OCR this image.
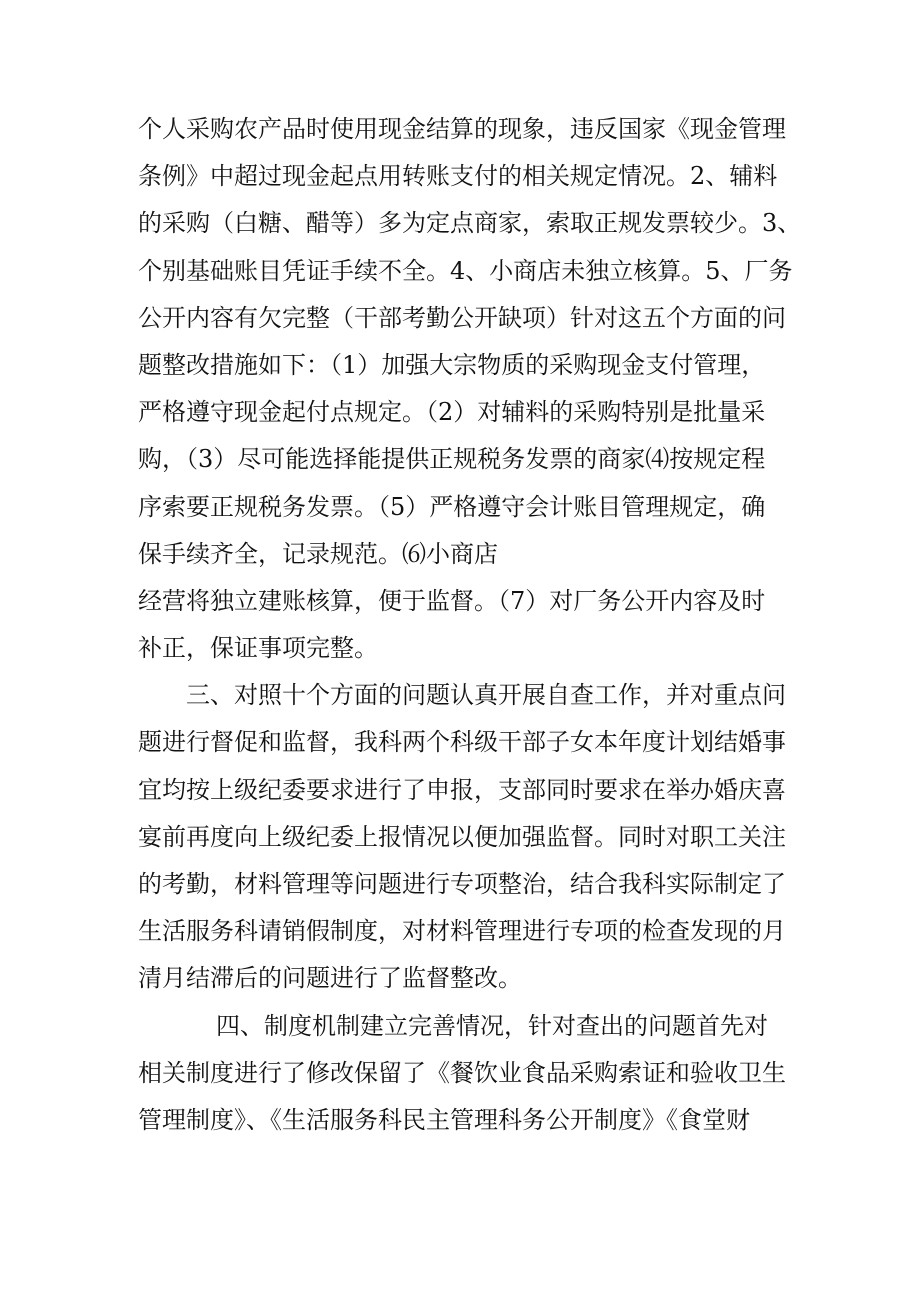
个人采购农产品时使用现金结算的现象，违反国家《现金管理
条例》中超过现金起点用转账支付的相关规定情况。2、辅料
的采购（白糖、醋等）多为定点商家，索取正规发票较少。3、
个别基础账目凭证手续不全。4、小商店未独立核算。5、厂务
公开内容有欠完整（干部考勤公开缺项）针对这五个方面的问
题整改措施如下：（1）加强大宗物质的采购现金支付管理，
严格遵守现金起付点规定。（2）对辅料的采购特别是批量采
购，（3）尽可能选择能提供正规税务发票的商家⑷按规定程
序索要正规税务发票。（5）严格遵守会计账目管理规定，确
保手续齐全，记录规范。⑹小商店
经营将独立建账核算，便于监督。（7）对厂务公开内容及时
补正，保证事项完整。
三、对照十个方面的问题认真开展自查工作，并对重点问
题进行督促和监督，我科两个科级干部子女本年度计划结婚事
宜均按上级纪委要求进行了申报，支部同时要求在举办婚庆喜
宴前再度向上级纪委上报情况以便加强监督。同时对职工关注
的考勤，材料管理等问题进行专项整治，结合我科实际制定了
生活服务科请销假制度，对材料管理进行专项的检查发现的月
清月结滞后的问题进行了监督整改。
四、制度机制建立完善情况，针对查出的问题首先对
相关制度进行了修改保留了《餐饮业食品采购索证和验收卫生
管理制度》、《生活服务科民主管理科务公开制度》《食堂财
